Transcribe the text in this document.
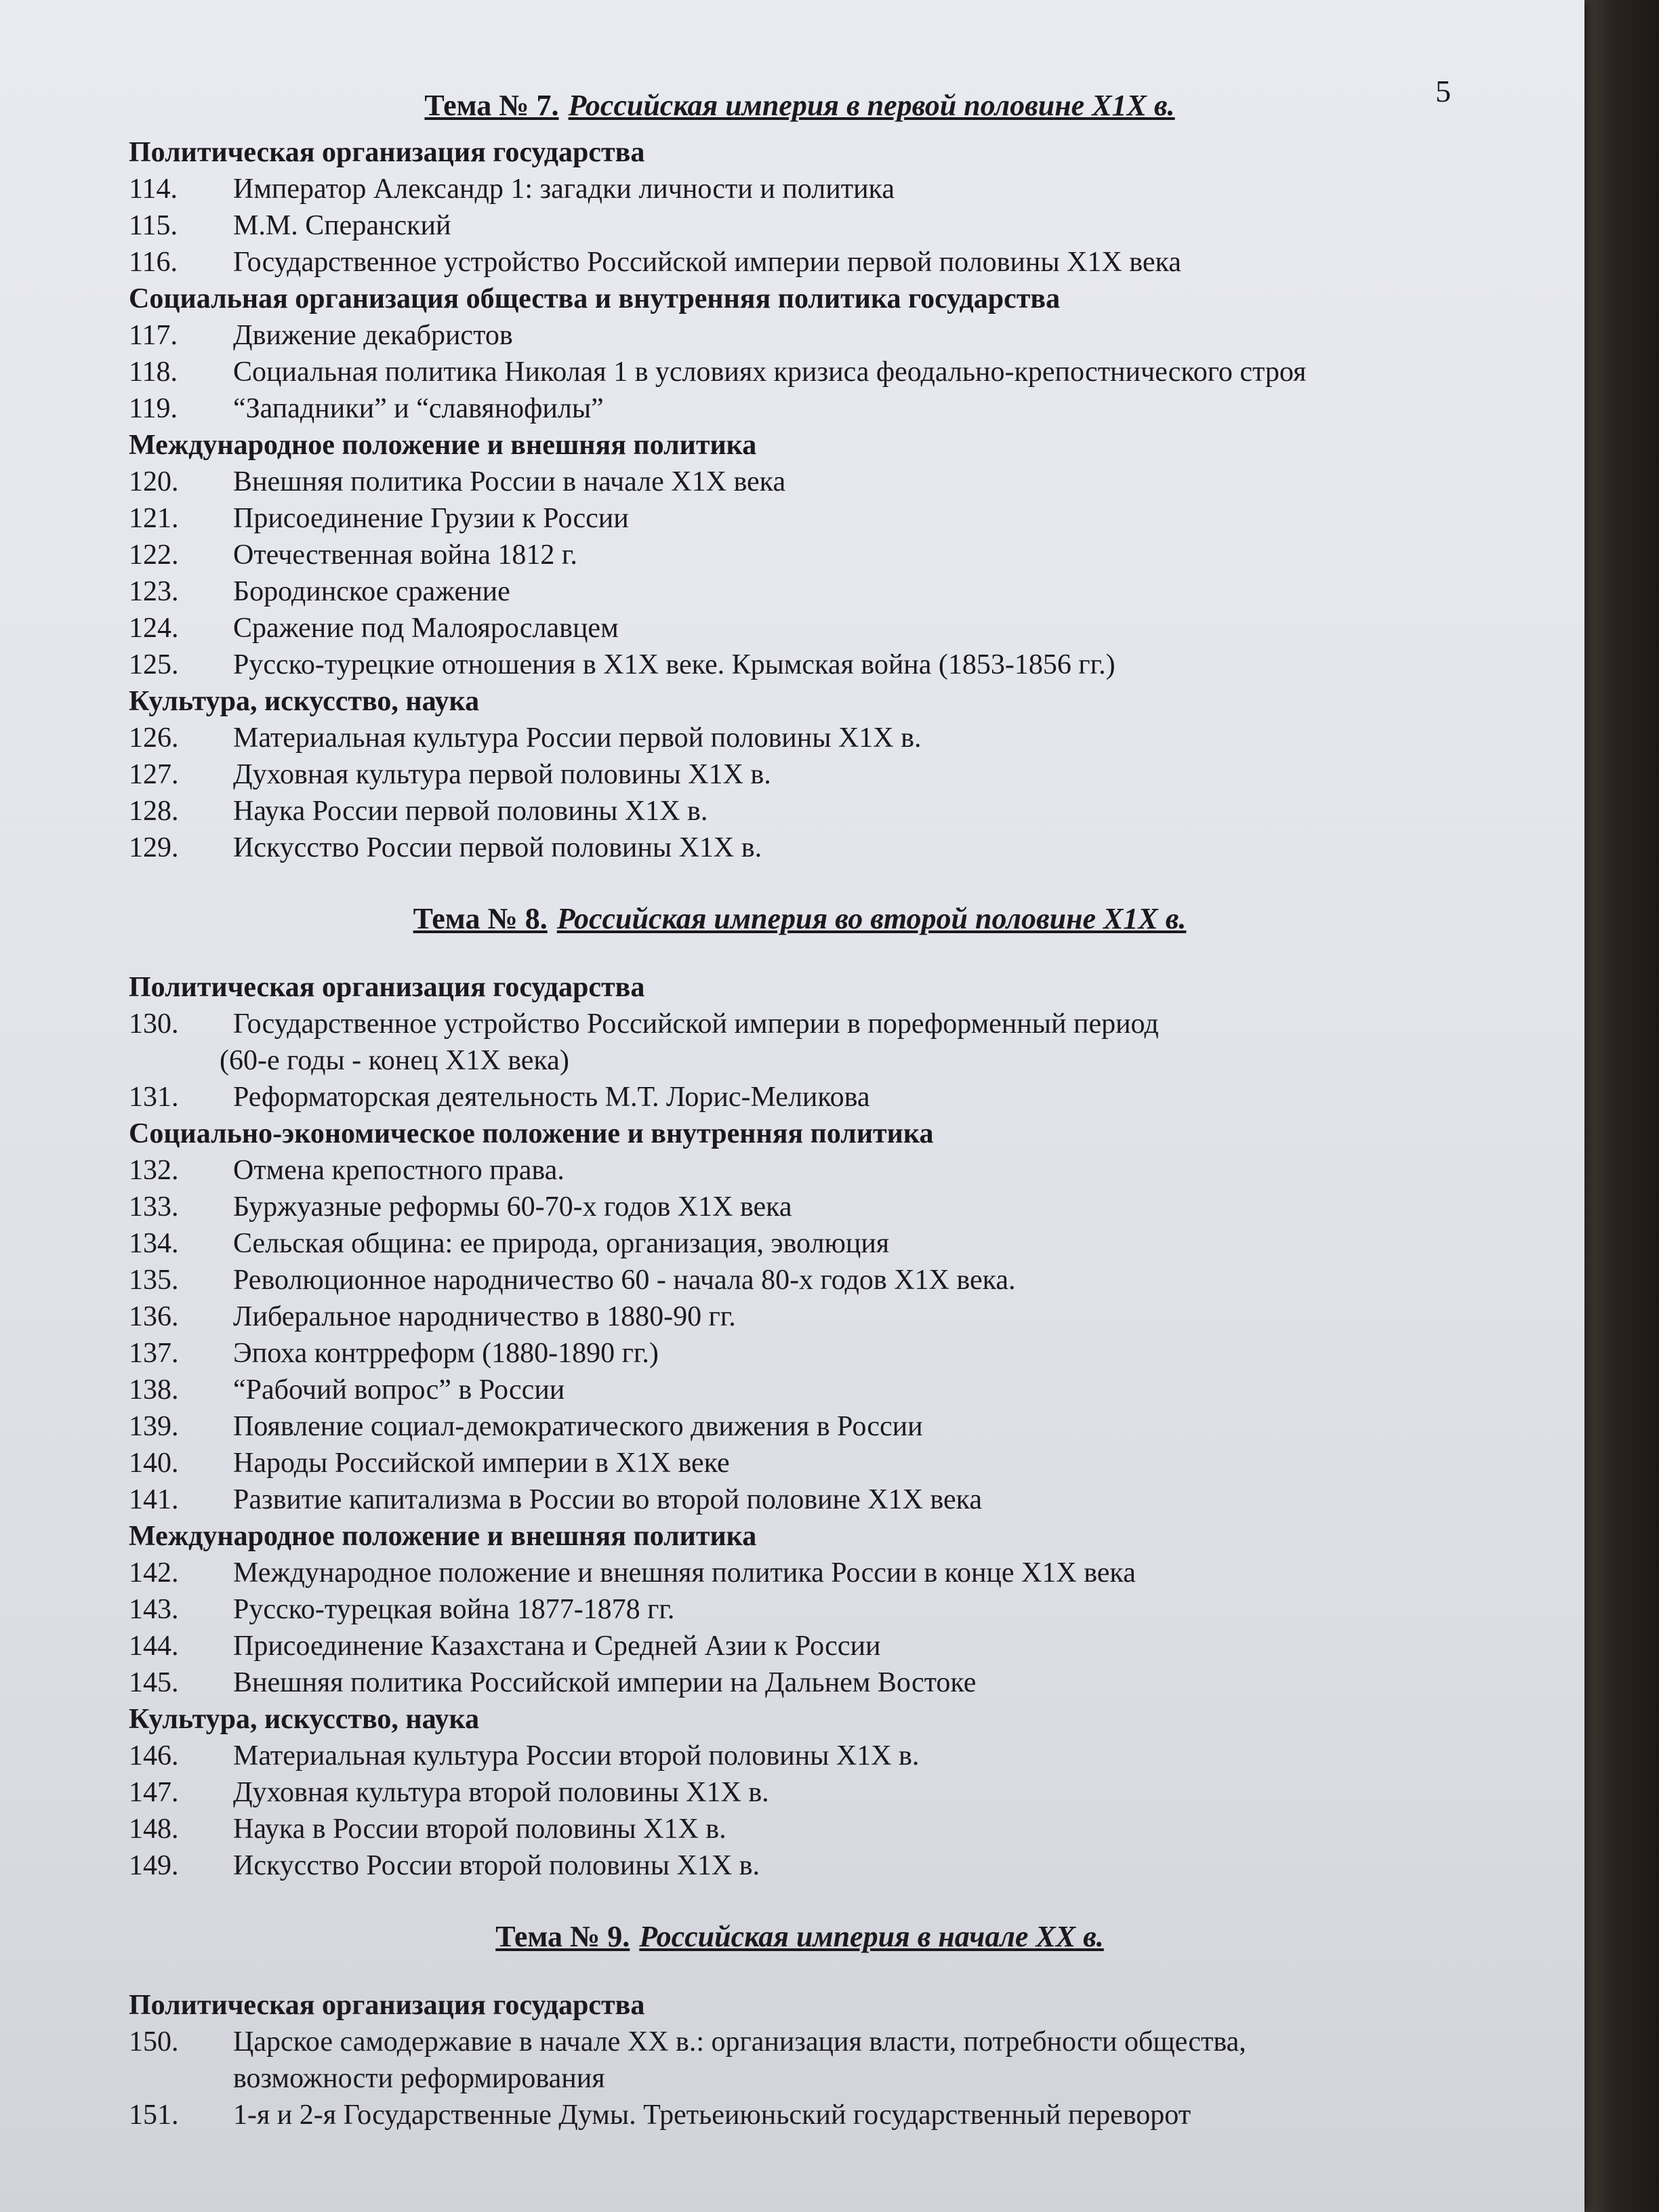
5
Тема № 7. Российская империя в первой половине X1X в.
Политическая организация государства
114.	Император Александр 1: загадки личности и политика
115.	М.М. Сперанский
116.	Государственное устройство Российской империи первой половины X1X века
Социальная организация общества и внутренняя политика государства
117.	Движение декабристов
118.	Социальная политика Николая 1 в условиях кризиса феодально-крепостнического строя
119.	“Западники” и “славянофилы”
Международное положение и внешняя политика
120.	Внешняя политика России в начале X1X века
121.	Присоединение Грузии к России
122.	Отечественная война 1812 г.
123.	Бородинское сражение
124.	Сражение под Малоярославцем
125.	Русско-турецкие отношения в X1X веке. Крымская война (1853-1856 гг.)
Культура, искусство, наука
126.	Материальная культура России первой половины X1X в.
127.	Духовная культура первой половины X1X в.
128.	Наука России первой половины X1X в.
129.	Искусство России первой половины X1X в.
Тема № 8. Российская империя во второй половине X1X в.
Политическая организация государства
130.	Государственное устройство Российской империи в пореформенный период
(60-е годы - конец X1X века)
131.	Реформаторская деятельность М.Т. Лорис-Меликова
Социально-экономическое положение и внутренняя политика
132.	Отмена крепостного права.
133.	Буржуазные реформы 60-70-х годов X1X века
134.	Сельская община: ее природа, организация, эволюция
135.	Революционное народничество 60 - начала 80-х годов X1X века.
136.	Либеральное народничество в 1880-90 гг.
137.	Эпоха контрреформ (1880-1890 гг.)
138.	“Рабочий вопрос” в России
139.	Появление социал-демократического движения в России
140.	Народы Российской империи в X1X веке
141.	Развитие капитализма в России во второй половине X1X века
Международное положение и внешняя политика
142.	Международное положение и внешняя политика России в конце X1X века
143.	Русско-турецкая война 1877-1878 гг.
144.	Присоединение Казахстана и Средней Азии к России
145.	Внешняя политика Российской империи на Дальнем Востоке
Культура, искусство, наука
146.	Материальная культура России второй половины X1X в.
147.	Духовная культура второй половины X1X в.
148.	Наука в России второй половины X1X в.
149.	Искусство России второй половины X1X в.
Тема № 9. Российская империя в начале XX в.
Политическая организация государства
150.	Царское самодержавие в начале XX в.: организация власти, потребности общества,
возможности реформирования
151.	1-я и 2-я Государственные Думы. Третьеиюньский государственный переворот
